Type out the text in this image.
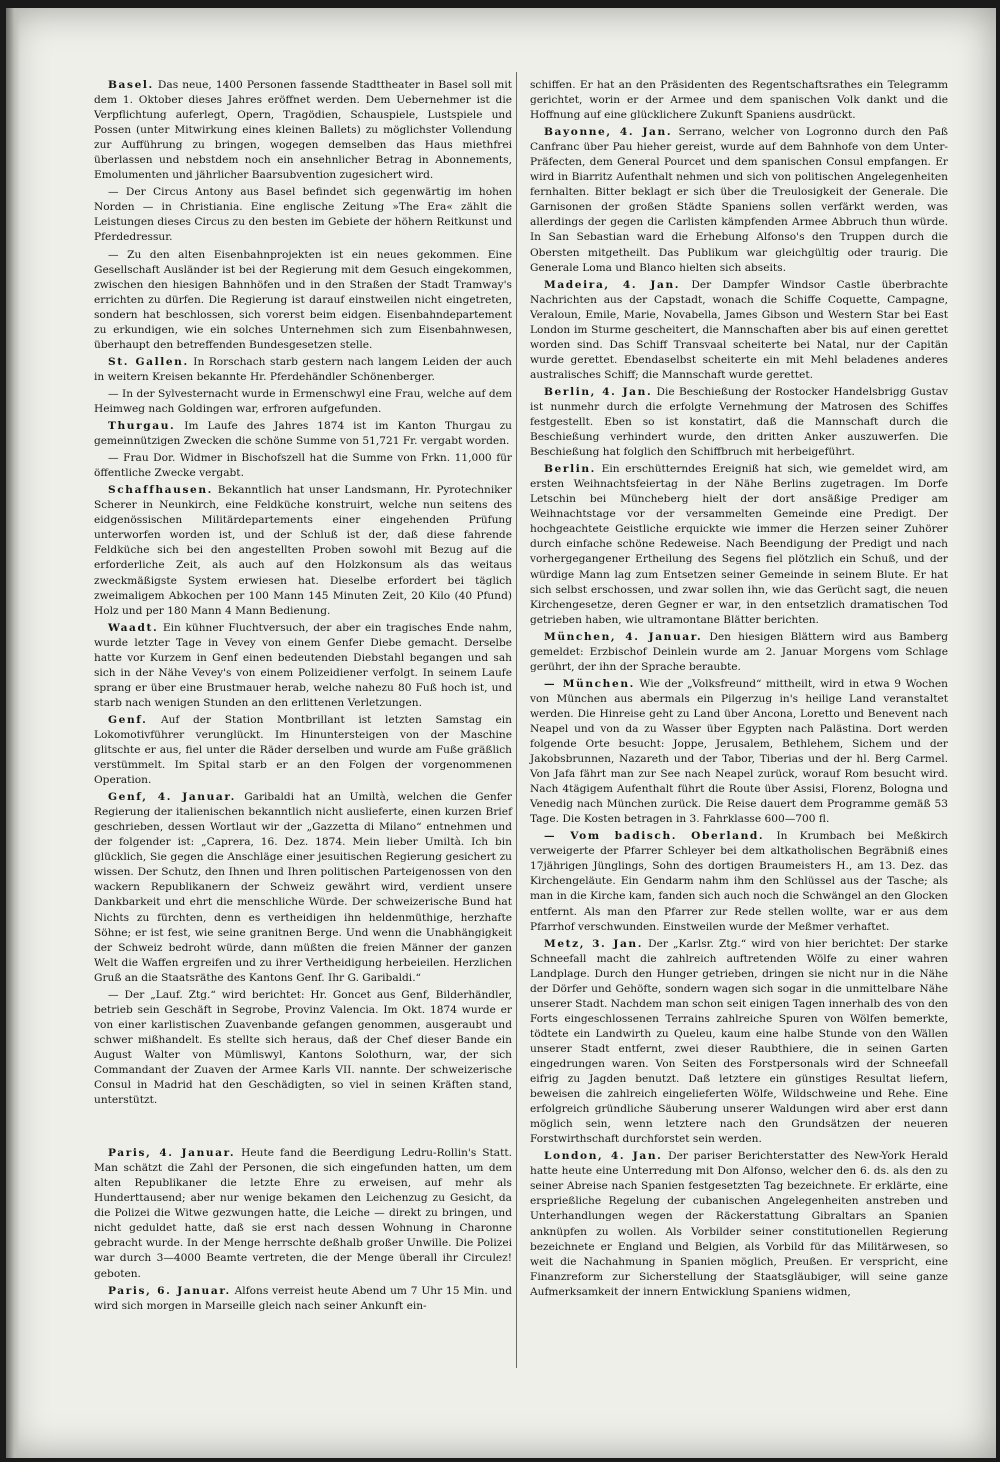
Basel. Das neue, 1400 Personen fassende Stadttheater in Basel soll mit dem 1. Oktober dieses Jahres eröffnet werden. Dem Uebernehmer ist die Verpflichtung auferlegt, Opern, Tragödien, Schauspiele, Lustspiele und Possen (unter Mitwirkung eines kleinen Ballets) zu möglichster Vollendung zur Aufführung zu bringen, wogegen demselben das Haus miethfrei überlassen und nebstdem noch ein ansehnlicher Betrag in Abonnements, Emolumenten und jährlicher Baarsubvention zugesichert wird.

— Der Circus Antony aus Basel befindet sich gegenwärtig im hohen Norden — in Christiania. Eine englische Zeitung »The Era« zählt die Leistungen dieses Circus zu den besten im Gebiete der höhern Reitkunst und Pferdedressur.

— Zu den alten Eisenbahnprojekten ist ein neues gekommen. Eine Gesellschaft Ausländer ist bei der Regierung mit dem Gesuch eingekommen, zwischen den hiesigen Bahnhöfen und in den Straßen der Stadt Tramway's errichten zu dürfen. Die Regierung ist darauf einstweilen nicht eingetreten, sondern hat beschlossen, sich vorerst beim eidgen. Eisenbahndepartement zu erkundigen, wie ein solches Unternehmen sich zum Eisenbahnwesen, überhaupt den betreffenden Bundesgesetzen stelle.

St. Gallen. In Rorschach starb gestern nach langem Leiden der auch in weitern Kreisen bekannte Hr. Pferdehändler Schönenberger.

— In der Sylvesternacht wurde in Ermenschwyl eine Frau, welche auf dem Heimweg nach Goldingen war, erfroren aufgefunden.

Thurgau. Im Laufe des Jahres 1874 ist im Kanton Thurgau zu gemeinnützigen Zwecken die schöne Summe von 51,721 Fr. vergabt worden.

— Frau Dor. Widmer in Bischofszell hat die Summe von Frkn. 11,000 für öffentliche Zwecke vergabt.

Schaffhausen. Bekanntlich hat unser Landsmann, Hr. Pyrotechniker Scherer in Neunkirch, eine Feldküche konstruirt, welche nun seitens des eidgenössischen Militärdepartements einer eingehenden Prüfung unterworfen worden ist, und der Schluß ist der, daß diese fahrende Feldküche sich bei den angestellten Proben sowohl mit Bezug auf die erforderliche Zeit, als auch auf den Holzkonsum als das weitaus zweckmäßigste System erwiesen hat. Dieselbe erfordert bei täglich zweimaligem Abkochen per 100 Mann 145 Minuten Zeit, 20 Kilo (40 Pfund) Holz und per 180 Mann 4 Mann Bedienung.

Waadt. Ein kühner Fluchtversuch, der aber ein tragisches Ende nahm, wurde letzter Tage in Vevey von einem Genfer Diebe gemacht. Derselbe hatte vor Kurzem in Genf einen bedeutenden Diebstahl begangen und sah sich in der Nähe Vevey's von einem Polizeidiener verfolgt. In seinem Laufe sprang er über eine Brustmauer herab, welche nahezu 80 Fuß hoch ist, und starb nach wenigen Stunden an den erlittenen Verletzungen.

Genf. Auf der Station Montbrillant ist letzten Samstag ein Lokomotivführer verunglückt. Im Hinuntersteigen von der Maschine glitschte er aus, fiel unter die Räder derselben und wurde am Fuße gräßlich verstümmelt. Im Spital starb er an den Folgen der vorgenommenen Operation.

Genf, 4. Januar. Garibaldi hat an Umiltà, welchen die Genfer Regierung der italienischen bekanntlich nicht auslieferte, einen kurzen Brief geschrieben, dessen Wortlaut wir der „Gazzetta di Milano“ entnehmen und der folgender ist: „Caprera, 16. Dez. 1874. Mein lieber Umiltà. Ich bin glücklich, Sie gegen die Anschläge einer jesuitischen Regierung gesichert zu wissen. Der Schutz, den Ihnen und Ihren politischen Parteigenossen von den wackern Republikanern der Schweiz gewährt wird, verdient unsere Dankbarkeit und ehrt die menschliche Würde. Der schweizerische Bund hat Nichts zu fürchten, denn es vertheidigen ihn heldenmüthige, herzhafte Söhne; er ist fest, wie seine granitnen Berge. Und wenn die Unabhängigkeit der Schweiz bedroht würde, dann müßten die freien Männer der ganzen Welt die Waffen ergreifen und zu ihrer Vertheidigung herbeieilen. Herzlichen Gruß an die Staatsräthe des Kantons Genf. Ihr G. Garibaldi.“

— Der „Lauf. Ztg.“ wird berichtet: Hr. Goncet aus Genf, Bilderhändler, betrieb sein Geschäft in Segrobe, Provinz Valencia. Im Okt. 1874 wurde er von einer karlistischen Zuavenbande gefangen genommen, ausgeraubt und schwer mißhandelt. Es stellte sich heraus, daß der Chef dieser Bande ein August Walter von Mümliswyl, Kantons Solothurn, war, der sich Commandant der Zuaven der Armee Karls VII. nannte. Der schweizerische Consul in Madrid hat den Geschädigten, so viel in seinen Kräften stand, unterstützt.

Paris, 4. Januar. Heute fand die Beerdigung Ledru-Rollin's Statt. Man schätzt die Zahl der Personen, die sich eingefunden hatten, um dem alten Republikaner die letzte Ehre zu erweisen, auf mehr als Hunderttausend; aber nur wenige bekamen den Leichenzug zu Gesicht, da die Polizei die Witwe gezwungen hatte, die Leiche — direkt zu bringen, und nicht geduldet hatte, daß sie erst nach dessen Wohnung in Charonne gebracht wurde. In der Menge herrschte deßhalb großer Unwille. Die Polizei war durch 3—4000 Beamte vertreten, die der Menge überall ihr Circulez! geboten.

Paris, 6. Januar. Alfons verreist heute Abend um 7 Uhr 15 Min. und wird sich morgen in Marseille gleich nach seiner Ankunft ein-

schiffen. Er hat an den Präsidenten des Regentschaftsrathes ein Telegramm gerichtet, worin er der Armee und dem spanischen Volk dankt und die Hoffnung auf eine glücklichere Zukunft Spaniens ausdrückt.

Bayonne, 4. Jan. Serrano, welcher von Logronno durch den Paß Canfranc über Pau hieher gereist, wurde auf dem Bahnhofe von dem Unter-Präfecten, dem General Pourcet und dem spanischen Consul empfangen. Er wird in Biarritz Aufenthalt nehmen und sich von politischen Angelegenheiten fernhalten. Bitter beklagt er sich über die Treulosigkeit der Generale. Die Garnisonen der großen Städte Spaniens sollen verfärkt werden, was allerdings der gegen die Carlisten kämpfenden Armee Abbruch thun würde. In San Sebastian ward die Erhebung Alfonso's den Truppen durch die Obersten mitgetheilt. Das Publikum war gleichgültig oder traurig. Die Generale Loma und Blanco hielten sich abseits.

Madeira, 4. Jan. Der Dampfer Windsor Castle überbrachte Nachrichten aus der Capstadt, wonach die Schiffe Coquette, Campagne, Veraloun, Emile, Marie, Novabella, James Gibson und Western Star bei East London im Sturme gescheitert, die Mannschaften aber bis auf einen gerettet worden sind. Das Schiff Transvaal scheiterte bei Natal, nur der Capitän wurde gerettet. Ebendaselbst scheiterte ein mit Mehl beladenes anderes australisches Schiff; die Mannschaft wurde gerettet.

Berlin, 4. Jan. Die Beschießung der Rostocker Handelsbrigg Gustav ist nunmehr durch die erfolgte Vernehmung der Matrosen des Schiffes festgestellt. Eben so ist konstatirt, daß die Mannschaft durch die Beschießung verhindert wurde, den dritten Anker auszuwerfen. Die Beschießung hat folglich den Schiffbruch mit herbeigeführt.

Berlin. Ein erschütterndes Ereigniß hat sich, wie gemeldet wird, am ersten Weihnachtsfeiertag in der Nähe Berlins zugetragen. Im Dorfe Letschin bei Müncheberg hielt der dort ansäßige Prediger am Weihnachtstage vor der versammelten Gemeinde eine Predigt. Der hochgeachtete Geistliche erquickte wie immer die Herzen seiner Zuhörer durch einfache schöne Redeweise. Nach Beendigung der Predigt und nach vorhergegangener Ertheilung des Segens fiel plötzlich ein Schuß, und der würdige Mann lag zum Entsetzen seiner Gemeinde in seinem Blute. Er hat sich selbst erschossen, und zwar sollen ihn, wie das Gerücht sagt, die neuen Kirchengesetze, deren Gegner er war, in den entsetzlich dramatischen Tod getrieben haben, wie ultramontane Blätter berichten.

München, 4. Januar. Den hiesigen Blättern wird aus Bamberg gemeldet: Erzbischof Deinlein wurde am 2. Januar Morgens vom Schlage gerührt, der ihn der Sprache beraubte.

— München. Wie der „Volksfreund“ mittheilt, wird in etwa 9 Wochen von München aus abermals ein Pilgerzug in's heilige Land veranstaltet werden. Die Hinreise geht zu Land über Ancona, Loretto und Benevent nach Neapel und von da zu Wasser über Egypten nach Palästina. Dort werden folgende Orte besucht: Joppe, Jerusalem, Bethlehem, Sichem und der Jakobsbrunnen, Nazareth und der Tabor, Tiberias und der hl. Berg Carmel. Von Jafa fährt man zur See nach Neapel zurück, worauf Rom besucht wird. Nach 4tägigem Aufenthalt führt die Route über Assisi, Florenz, Bologna und Venedig nach München zurück. Die Reise dauert dem Programme gemäß 53 Tage. Die Kosten betragen in 3. Fahrklasse 600—700 fl.

— Vom badisch. Oberland. In Krumbach bei Meßkirch verweigerte der Pfarrer Schleyer bei dem altkatholischen Begräbniß eines 17jährigen Jünglings, Sohn des dortigen Braumeisters H., am 13. Dez. das Kirchengeläute. Ein Gendarm nahm ihm den Schlüssel aus der Tasche; als man in die Kirche kam, fanden sich auch noch die Schwängel an den Glocken entfernt. Als man den Pfarrer zur Rede stellen wollte, war er aus dem Pfarrhof verschwunden. Einstweilen wurde der Meßmer verhaftet.

Metz, 3. Jan. Der „Karlsr. Ztg.“ wird von hier berichtet: Der starke Schneefall macht die zahlreich auftretenden Wölfe zu einer wahren Landplage. Durch den Hunger getrieben, dringen sie nicht nur in die Nähe der Dörfer und Gehöfte, sondern wagen sich sogar in die unmittelbare Nähe unserer Stadt. Nachdem man schon seit einigen Tagen innerhalb des von den Forts eingeschlossenen Terrains zahlreiche Spuren von Wölfen bemerkte, tödtete ein Landwirth zu Queleu, kaum eine halbe Stunde von den Wällen unserer Stadt entfernt, zwei dieser Raubthiere, die in seinen Garten eingedrungen waren. Von Seiten des Forstpersonals wird der Schneefall eifrig zu Jagden benutzt. Daß letztere ein günstiges Resultat liefern, beweisen die zahlreich eingelieferten Wölfe, Wildschweine und Rehe. Eine erfolgreich gründliche Säuberung unserer Waldungen wird aber erst dann möglich sein, wenn letztere nach den Grundsätzen der neueren Forstwirthschaft durchforstet sein werden.

London, 4. Jan. Der pariser Berichterstatter des New-York Herald hatte heute eine Unterredung mit Don Alfonso, welcher den 6. ds. als den zu seiner Abreise nach Spanien festgesetzten Tag bezeichnete. Er erklärte, eine ersprießliche Regelung der cubanischen Angelegenheiten anstreben und Unterhandlungen wegen der Räckerstattung Gibraltars an Spanien anknüpfen zu wollen. Als Vorbilder seiner constitutionellen Regierung bezeichnete er England und Belgien, als Vorbild für das Militärwesen, so weit die Nachahmung in Spanien möglich, Preußen. Er verspricht, eine Finanzreform zur Sicherstellung der Staatsgläubiger, will seine ganze Aufmerksamkeit der innern Entwicklung Spaniens widmen,
